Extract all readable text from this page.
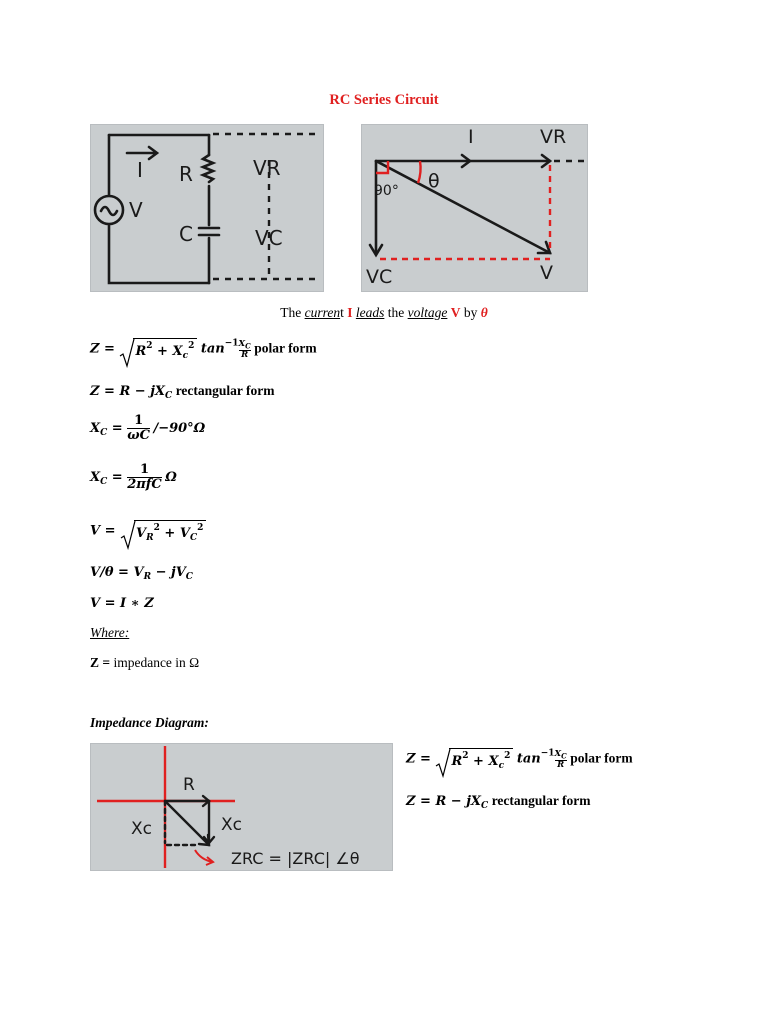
RC Series Circuit
I R
V
C
VR
VC
I	VR
θ
90°
VC	V
The current I leads the voltage V by θ
Z =
$R^2 + X_c^2$ $\tan^{-1} \frac{X_C}{R}$ polar form
$Z = R - jX_C$ rectangular form
$X_C = \frac{1}{\omega C} /-90^\circ\Omega$
$X_C = \frac{1}{\text{2πfC}}$ Ω
V =
$V_R^2 + V_C^2$
$V/\theta = V_R - jV_C$
V = I ∗ Z
Where:
Z = impedance in Ω
Impedance Diagram:
R
Xc	Xc
ZRC = |ZRC| ∠θ
Z =
$R^2 + X_c^2$ $\tan^{-1} \frac{X_C}{R}$ polar form
$Z = R - jX_C$ rectangular form
